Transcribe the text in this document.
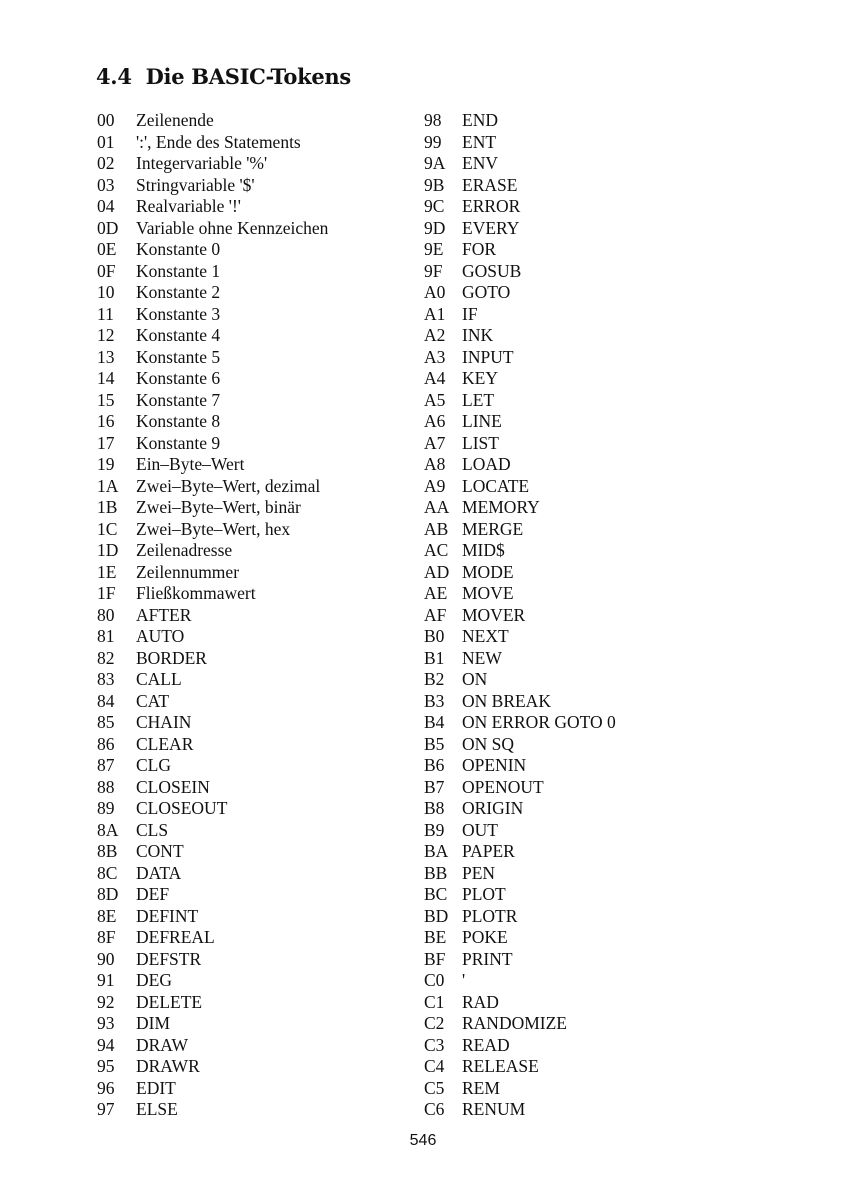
4.4 Die BASIC-Tokens
00	Zeilenende
01	':', Ende des Statements
02	Integervariable '%'
03	Stringvariable '$'
04	Realvariable '!'
0D	Variable ohne Kennzeichen
0E	Konstante 0
0F	Konstante 1
10	Konstante 2
11	Konstante 3
12	Konstante 4
13	Konstante 5
14	Konstante 6
15	Konstante 7
16	Konstante 8
17	Konstante 9
19	Ein–Byte–Wert
1A	Zwei–Byte–Wert, dezimal
1B	Zwei–Byte–Wert, binär
1C	Zwei–Byte–Wert, hex
1D	Zeilenadresse
1E	Zeilennummer
1F	Fließkommawert
80	AFTER
81	AUTO
82	BORDER
83	CALL
84	CAT
85	CHAIN
86	CLEAR
87	CLG
88	CLOSEIN
89	CLOSEOUT
8A	CLS
8B	CONT
8C	DATA
8D	DEF
8E	DEFINT
8F	DEFREAL
90	DEFSTR
91	DEG
92	DELETE
93	DIM
94	DRAW
95	DRAWR
96	EDIT
97	ELSE
98	END
99	ENT
9A ENV
9B	ERASE
9C	ERROR
9D EVERY
9E	FOR
9F	GOSUB
A0 GOTO
A1 IF
A2 INK
A3 INPUT
A4 KEY
A5 LET
A6 LINE
A7 LIST
A8 LOAD
A9 LOCATE
AA MEMORY
AB MERGE
AC MID$
AD MODE
AE MOVE
AF MOVER
B0	NEXT
B1	NEW
B2	ON
B3	ON BREAK
B4	ON ERROR GOTO 0
B5	ON SQ
B6	OPENIN
B7	OPENOUT
B8	ORIGIN
B9	OUT
BA PAPER
BB PEN
BC PLOT
BD PLOTR
BE POKE
BF PRINT
C0	'
C1	RAD
C2	RANDOMIZE
C3	READ
C4	RELEASE
C5	REM
C6	RENUM
546
